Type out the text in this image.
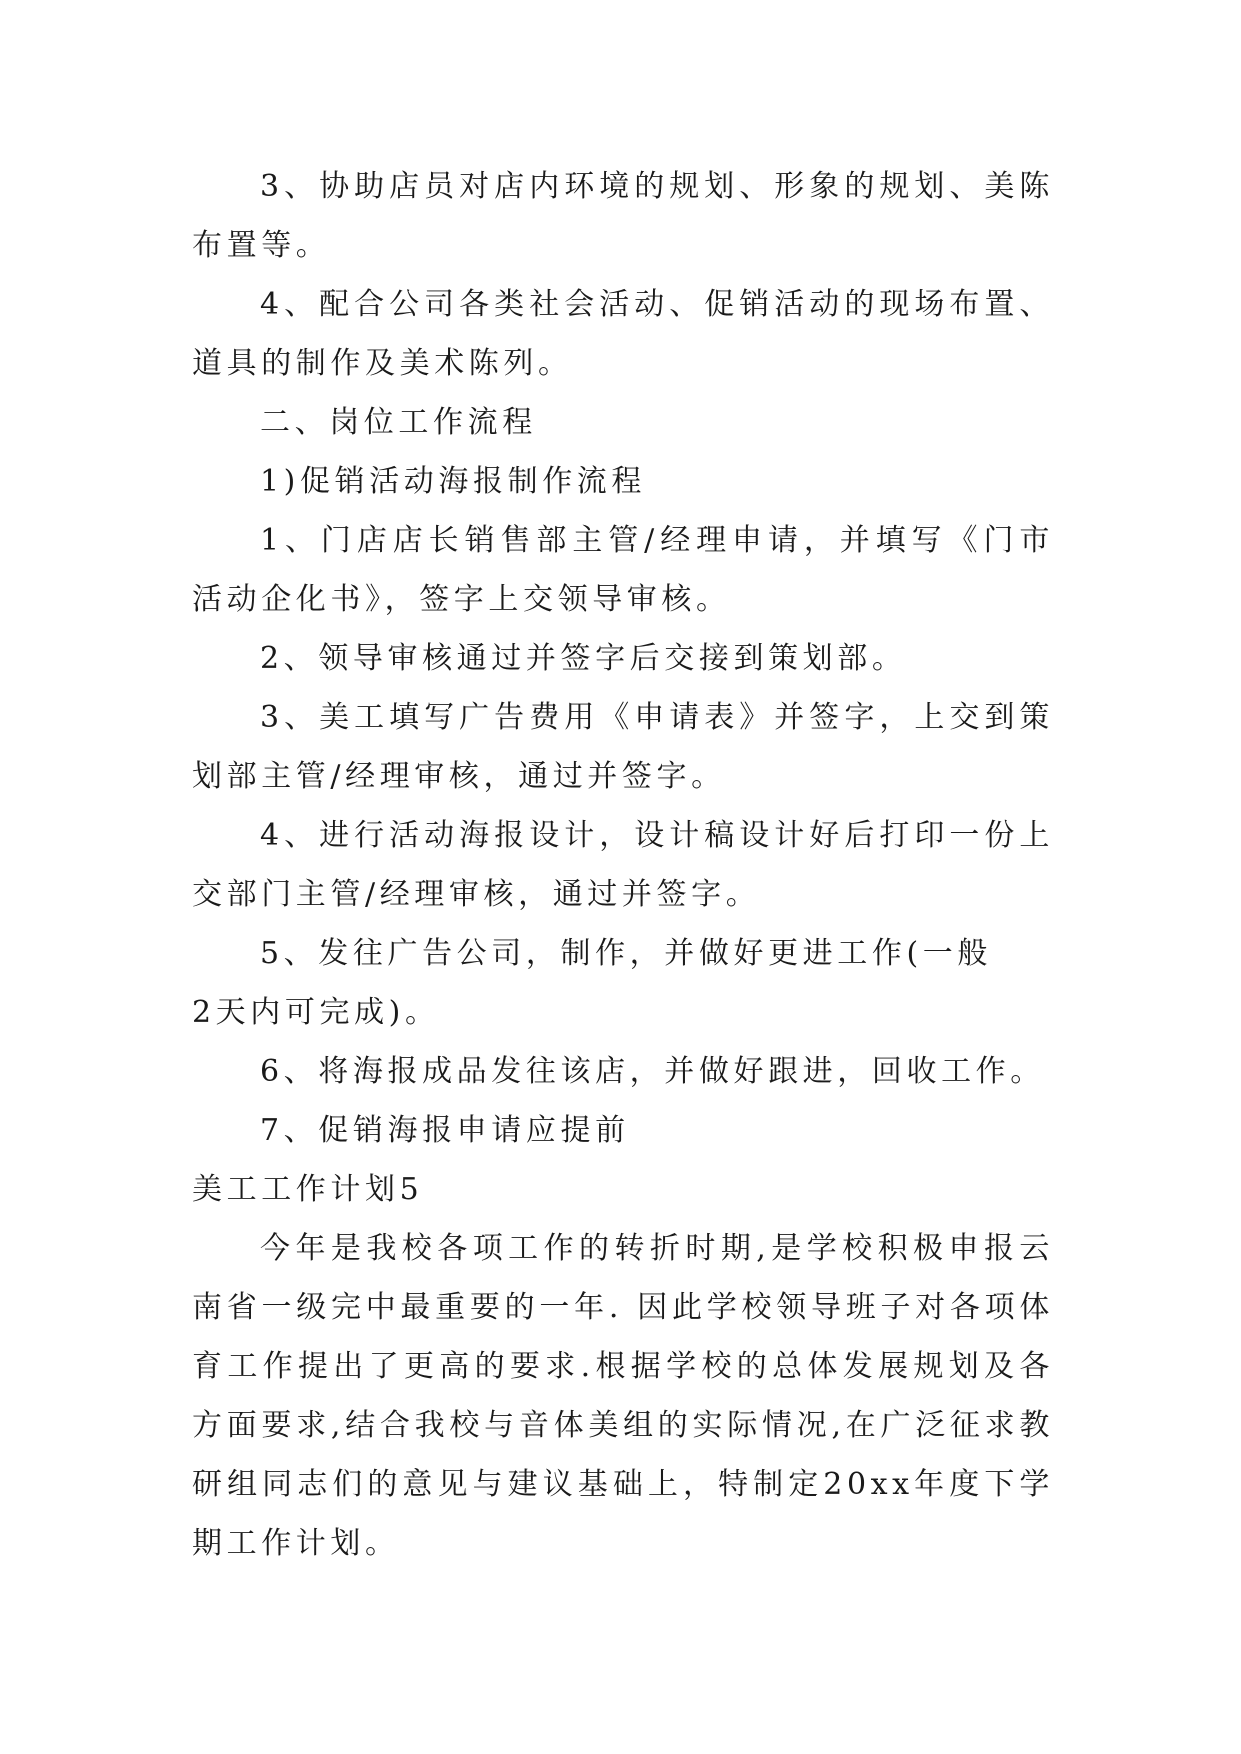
3、协助店员对店内环境的规划、形象的规划、美陈布置等。

4、配合公司各类社会活动、促销活动的现场布置、道具的制作及美术陈列。

二、岗位工作流程

1)促销活动海报制作流程

1、门店店长销售部主管/经理申请，并填写《门市活动企化书》，签字上交领导审核。

2、领导审核通过并签字后交接到策划部。

3、美工填写广告费用《申请表》并签字，上交到策划部主管/经理审核，通过并签字。

4、进行活动海报设计，设计稿设计好后打印一份上交部门主管/经理审核，通过并签字。

5、发往广告公司，制作，并做好更进工作(一般

2天内可完成)。

6、将海报成品发往该店，并做好跟进，回收工作。

7、促销海报申请应提前

美工工作计划5

今年是我校各项工作的转折时期,是学校积极申报云南省一级完中最重要的一年. 因此学校领导班子对各项体育工作提出了更高的要求.根据学校的总体发展规划及各方面要求,结合我校与音体美组的实际情况,在广泛征求教研组同志们的意见与建议基础上，特制定20xx年度下学期工作计划。
